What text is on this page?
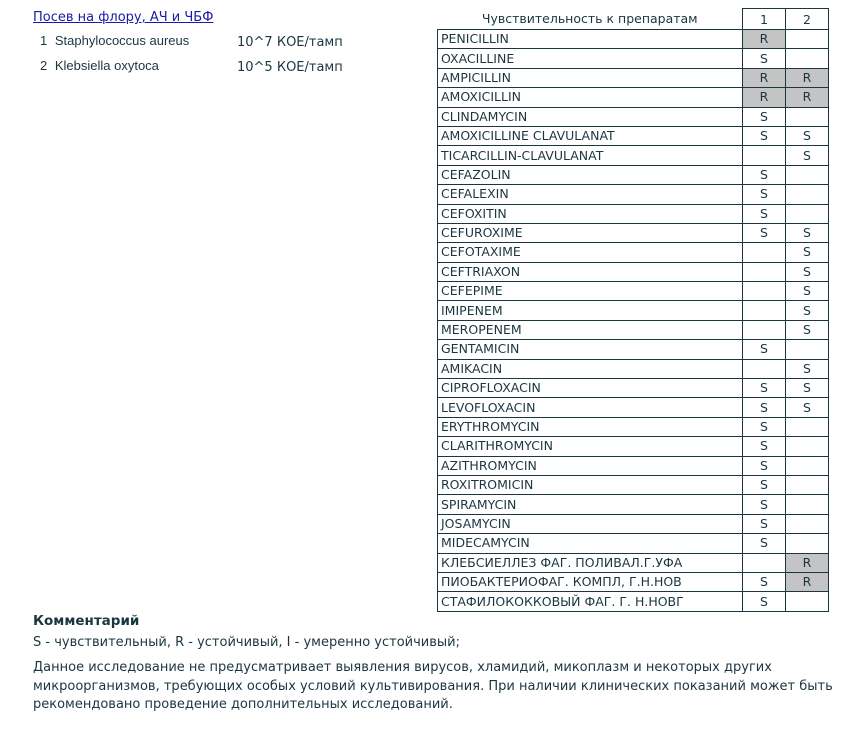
Посев на флору, АЧ и ЧБФ
1 Staphylococcus aureus	10^7 КОЕ/тамп
2 Klebsiella oxytoca	10^5 КОЕ/тамп
Чувствительность к препаратам	1	2
PENICILLIN	R	
OXACILLINE	S	
AMPICILLIN	R	R
AMOXICILLIN	R	R
CLINDAMYCIN	S	
AMOXICILLINE CLAVULANAT	S	S
TICARCILLIN-CLAVULANAT		S
CEFAZOLIN	S	
CEFALEXIN	S	
CEFOXITIN	S	
CEFUROXIME	S	S
CEFOTAXIME		S
CEFTRIAXON		S
CEFEPIME		S
IMIPENEM		S
MEROPENEM		S
GENTAMICIN	S	
AMIKACIN		S
CIPROFLOXACIN	S	S
LEVOFLOXACIN	S	S
ERYTHROMYCIN	S	
CLARITHROMYCIN	S	
AZITHROMYCIN	S	
ROXITROMICIN	S	
SPIRAMYCIN	S	
JOSAMYCIN	S	
MIDECAMYCIN	S	
КЛЕБСИЕЛЛЕЗ ФАГ. ПОЛИВАЛ.Г.УФА		R
ПИОБАКТЕРИОФАГ. КОМПЛ, Г.Н.НОВ	S	R
СТАФИЛОКОККОВЫЙ ФАГ. Г. Н.НОВГ	S	
Комментарий
S - чувствительный, R - устойчивый, I - умеренно устойчивый;
Данное исследование не предусматривает выявления вирусов, хламидий, микоплазм и некоторых других микроорганизмов, требующих особых условий культивирования. При наличии клинических показаний может быть рекомендовано проведение дополнительных исследований.
